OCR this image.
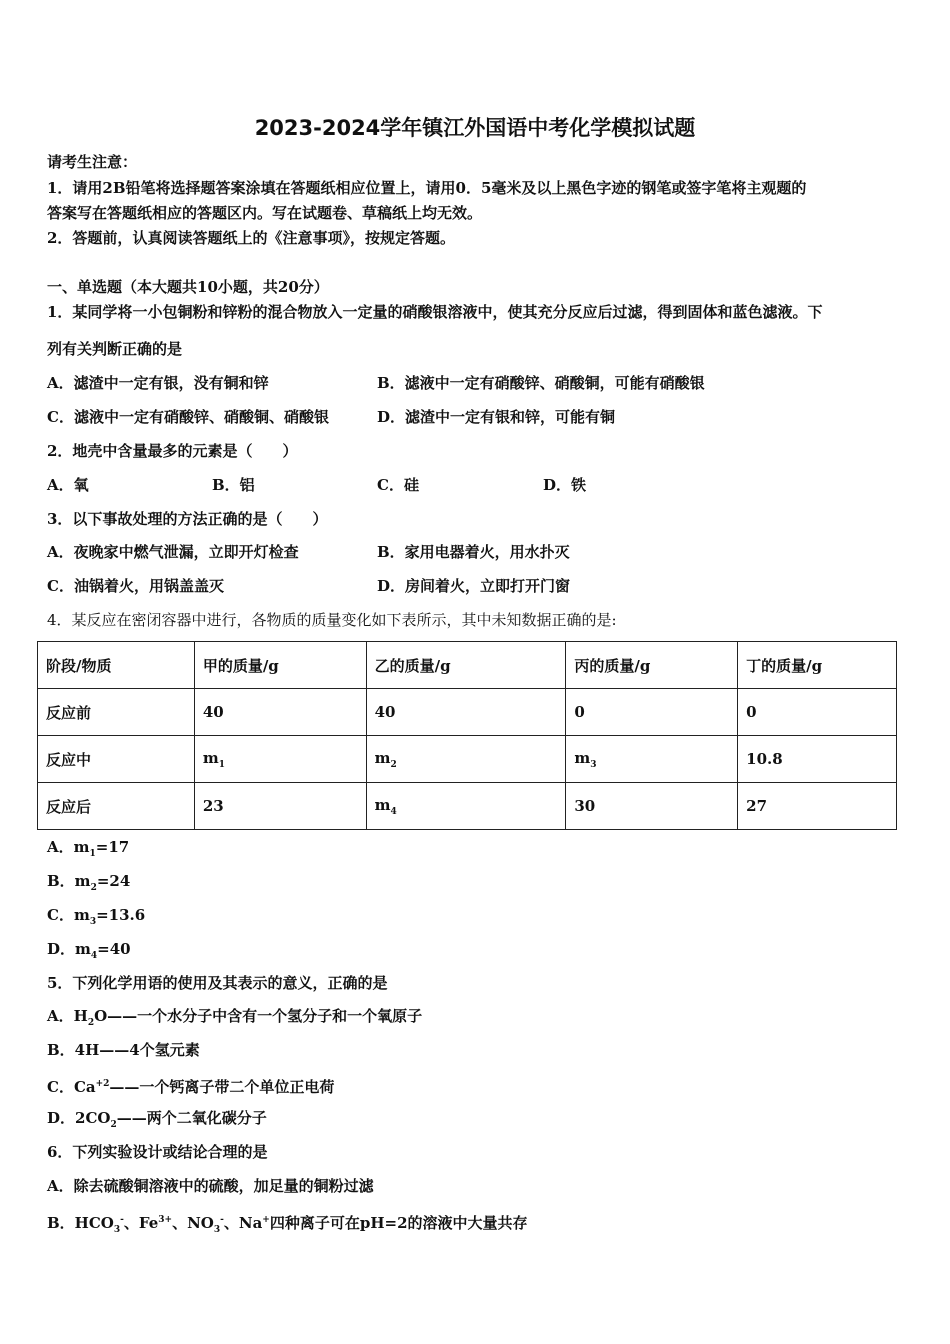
2023-2024学年镇江外国语中考化学模拟试题
请考生注意：
1．请用2B铅笔将选择题答案涂填在答题纸相应位置上，请用0．5毫米及以上黑色字迹的钢笔或签字笔将主观题的
答案写在答题纸相应的答题区内。写在试题卷、草稿纸上均无效。
2．答题前，认真阅读答题纸上的《注意事项》，按规定答题。
一、单选题（本大题共10小题，共20分）
1．某同学将一小包铜粉和锌粉的混合物放入一定量的硝酸银溶液中，使其充分反应后过滤，得到固体和蓝色滤液。下
列有关判断正确的是
A．滤渣中一定有银，没有铜和锌	B．滤液中一定有硝酸锌、硝酸铜，可能有硝酸银
C．滤液中一定有硝酸锌、硝酸铜、硝酸银	D．滤渣中一定有银和锌，可能有铜
2．地壳中含量最多的元素是（　　）
A．氧	B．铝	C．硅	D．铁
3．以下事故处理的方法正确的是（　　）
A．夜晚家中燃气泄漏，立即开灯检查	B．家用电器着火，用水扑灭
C．油锅着火，用锅盖盖灭	D．房间着火，立即打开门窗
4．某反应在密闭容器中进行，各物质的质量变化如下表所示，其中未知数据正确的是:
阶段/物质	甲的质量/g	乙的质量/g	丙的质量/g	丁的质量/g
反应前	40	40	0	0
反应中	$m_1$	$m_2$	$m_3$	10.8
反应后	23	$m_4$	30	27
A．$m_1=17$
B．$m_2=24$
C．$m_3=13.6$
D．$m_4=40$
5．下列化学用语的使用及其表示的意义，正确的是
A．$H_2O——$一个水分子中含有一个氢分子和一个氧原子
B．4H——4个氢元素
C．$Ca^{+2}——$一个钙离子带二个单位正电荷
D．$2CO_2——$两个二氧化碳分子
6．下列实验设计或结论合理的是
A．除去硫酸铜溶液中的硫酸，加足量的铜粉过滤
B．$HCO_3^-$、$Fe^{3+}$、$NO_3^-$、Na+四种离子可在pH=2的溶液中大量共存
